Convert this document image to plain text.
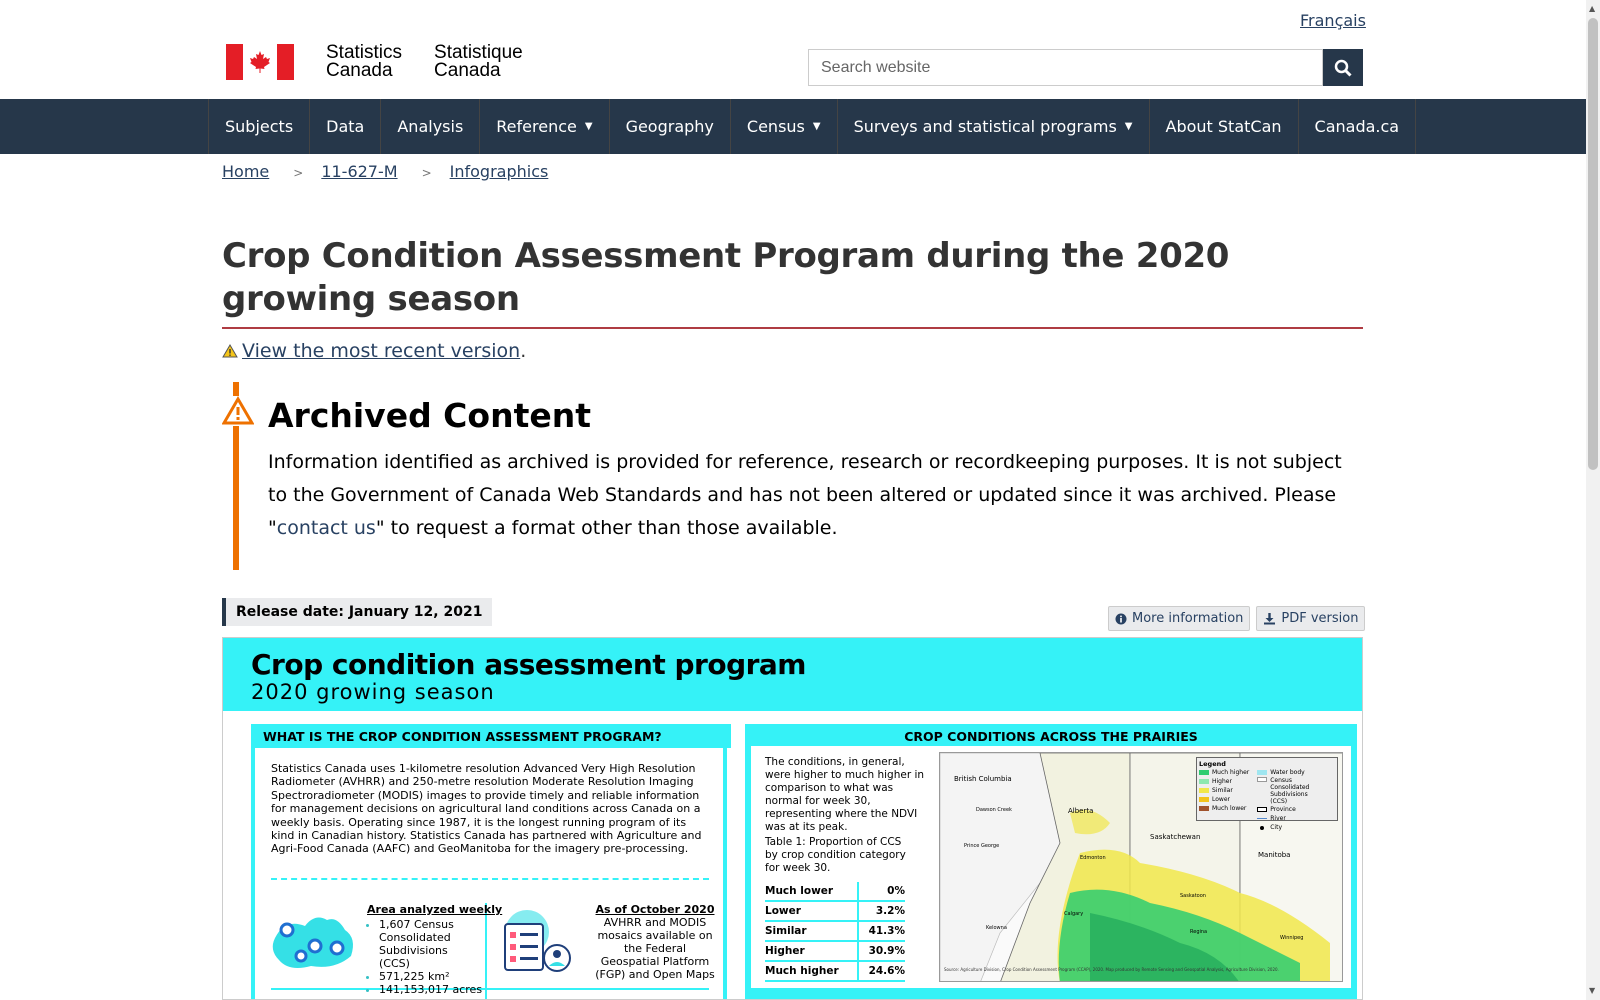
Français
Statistics
Canada
Statistique
Canada
Search website
Subjects Data Analysis Reference ▼ Geography Census ▼ Surveys and statistical programs ▼ About StatCan Canada.ca
Home > 11-627-M > Infographics
Crop Condition Assessment Program during the 2020 growing season
View the most recent version .
Archived Content

Information identified as archived is provided for reference, research or recordkeeping purposes. It is not subject to the Government of Canada Web Standards and has not been altered or updated since it was archived. Please "contact us" to request a format other than those available.

Release date: January 12, 2021	More information	PDF version
Crop condition assessment program
2020 growing season
WHAT IS THE CROP CONDITION ASSESSMENT PROGRAM?
Statistics Canada uses 1-kilometre resolution Advanced Very High Resolution Radiometer (AVHRR) and 250-metre resolution Moderate Resolution Imaging Spectroradiometer (MODIS) images to provide timely and reliable information for management decisions on agricultural land conditions across Canada on a weekly basis. Operating since 1987, it is the longest running program of its kind in Canadian history. Statistics Canada has partnered with Agriculture and Agri-Food Canada (AAFC) and GeoManitoba for the imagery pre-processing.
Area analyzed weekly
• 1,607 Census Consolidated Subdivisions (CCS)
• 571,225 km²
• 141,153,017 acres
As of October 2020
AVHRR and MODIS mosaics available on the Federal Geospatial Platform (FGP) and Open Maps
CROP CONDITIONS ACROSS THE PRAIRIES
The conditions, in general, were higher to much higher in comparison to what was normal for week 30, representing where the NDVI was at its peak.
Table 1: Proportion of CCS by crop condition category for week 30.
Much lower	0%
Lower	3.2%
Similar	41.3%
Higher	30.9%
Much higher	24.6%
British Columbia
Alberta
Saskatchewan
Manitoba
Dawson Creek
Prince George
Edmonton
Calgary
Kelowna
Saskatoon
Regina
Winnipeg
Source: Agriculture Division, Crop Condition Assessment Program (CCAP), 2020. Map produced by Remote Sensing and Geospatial Analysis, Agriculture Division, 2020.
Legend
Much higher
Higher
Similar
Lower
Much lower
Water body
Census Consolidated Subdivisions (CCS)
Province
River
City
▲
▼
